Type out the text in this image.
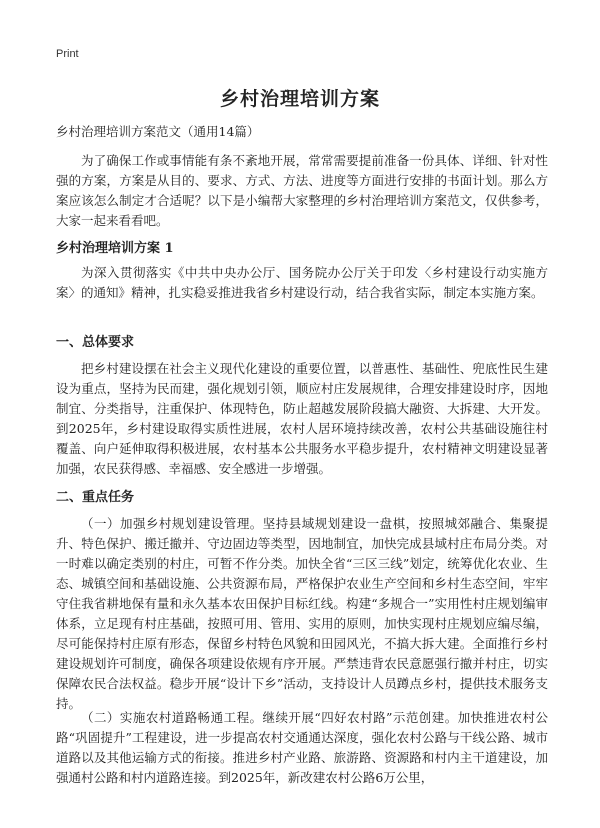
Print
乡村治理培训方案
乡村治理培训方案范文（通用14篇）

为了确保工作或事情能有条不紊地开展，常常需要提前准备一份具体、详细、针对性强的方案，方案是从目的、要求、方式、方法、进度等方面进行安排的书面计划。那么方案应该怎么制定才合适呢？以下是小编帮大家整理的乡村治理培训方案范文，仅供参考，大家一起来看看吧。

乡村治理培训方案 1

为深入贯彻落实《中共中央办公厅、国务院办公厅关于印发〈乡村建设行动实施方案〉的通知》精神，扎实稳妥推进我省乡村建设行动，结合我省实际，制定本实施方案。

一、总体要求

把乡村建设摆在社会主义现代化建设的重要位置，以普惠性、基础性、兜底性民生建设为重点，坚持为民而建，强化规划引领，顺应村庄发展规律，合理安排建设时序，因地制宜、分类指导，注重保护、体现特色，防止超越发展阶段搞大融资、大拆建、大开发。到2025年，乡村建设取得实质性进展，农村人居环境持续改善，农村公共基础设施往村覆盖、向户延伸取得积极进展，农村基本公共服务水平稳步提升，农村精神文明建设显著加强，农民获得感、幸福感、安全感进一步增强。

二、重点任务

（一）加强乡村规划建设管理。坚持县域规划建设一盘棋，按照城郊融合、集聚提升、特色保护、搬迁撤并、守边固边等类型，因地制宜，加快完成县域村庄布局分类。对一时难以确定类别的村庄，可暂不作分类。加快全省“三区三线”划定，统筹优化农业、生态、城镇空间和基础设施、公共资源布局，严格保护农业生产空间和乡村生态空间，牢牢守住我省耕地保有量和永久基本农田保护目标红线。构建“多规合一”实用性村庄规划编审体系，立足现有村庄基础，按照可用、管用、实用的原则，加快实现村庄规划应编尽编，尽可能保持村庄原有形态，保留乡村特色风貌和田园风光，不搞大拆大建。全面推行乡村建设规划许可制度，确保各项建设依规有序开展。严禁违背农民意愿强行撤并村庄，切实保障农民合法权益。稳步开展“设计下乡”活动，支持设计人员蹲点乡村，提供技术服务支持。

（二）实施农村道路畅通工程。继续开展“四好农村路”示范创建。加快推进农村公路“巩固提升”工程建设，进一步提高农村交通通达深度，强化农村公路与干线公路、城市道路以及其他运输方式的衔接。推进乡村产业路、旅游路、资源路和村内主干道建设，加强通村公路和村内道路连接。到2025年，新改建农村公路6万公里，
